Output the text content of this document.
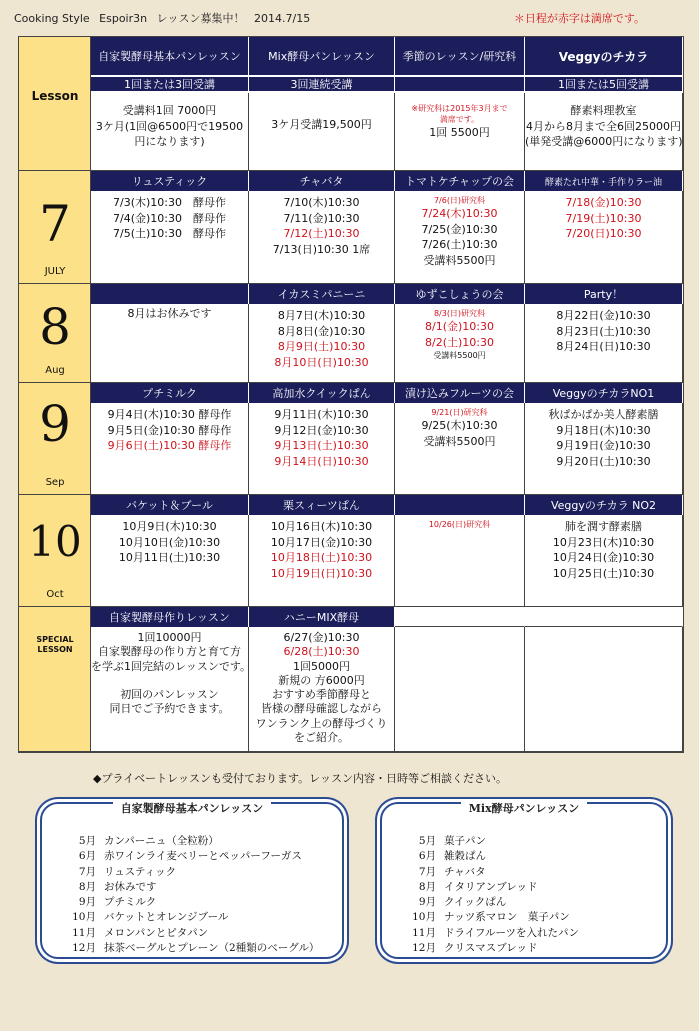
Cooking Style Espoir3n レッスン募集中！ 2014.7/15	＊日程が赤字は満席です。
Lesson
自家製酵母基本パンレッスン
1回または3回受講
受講料1回 7000円
3ケ月(1回@6500円で19500
円になります)
Mix酵母パンレッスン
3回連続受講
3ケ月受講19,500円
季節のレッスン/研究科
※研究科は2015年3月まで
満席です。
1回 5500円
Veggyのチカラ
1回または5回受講
酵素料理教室
4月から8月まで全6回25000円
(単発受講@6000円になります)
7
JULY
リュスティック
7/3(木)10:30　酵母作
7/4(金)10:30　酵母作
7/5(土)10:30　酵母作
チャバタ
7/10(木)10:30
7/11(金)10:30
7/12(土)10:30
7/13(日)10:30 1席
トマトケチャップの会
7/6(日)研究科
7/24(木)10:30
7/25(金)10:30
7/26(土)10:30
受講料5500円
酵素たれ中華・手作りラー油
7/18(金)10:30
7/19(土)10:30
7/20(日)10:30
8
Aug
8月はお休みです
イカスミパニーニ
8月7日(木)10:30
8月8日(金)10:30
8月9日(土)10:30
8月10日(日)10:30
ゆずこしょうの会
8/3(日)研究科
8/1(金)10:30
8/2(土)10:30
受講料5500円
Party！
8月22日(金)10:30
8月23日(土)10:30
8月24日(日)10:30
9
Sep
プチミルク
9月4日(木)10:30 酵母作
9月5日(金)10:30 酵母作
9月6日(土)10:30 酵母作
高加水クイックぱん
9月11日(木)10:30
9月12日(金)10:30
9月13日(土)10:30
9月14日(日)10:30
漬け込みフルーツの会
9/21(日)研究科
9/25(木)10:30
受講料5500円
VeggyのチカラNO1
秋ぱかぱか美人酵素膳
9月18日(木)10:30
9月19日(金)10:30
9月20日(土)10:30
10
Oct
バケット＆ブール
10月9日(木)10:30
10月10日(金)10:30
10月11日(土)10:30
栗スィーツぱん
10月16日(木)10:30
10月17日(金)10:30
10月18日(土)10:30
10月19日(日)10:30
10/26(日)研究科
Veggyのチカラ NO2
肺を潤す酵素膳
10月23日(木)10:30
10月24日(金)10:30
10月25日(土)10:30
SPECIAL
LESSON
自家製酵母作りレッスン
1回10000円
自家製酵母の作り方と育て方
を学ぶ1回完結のレッスンです。

初回のパンレッスン
同日でご予約できます。
ハニーMIX酵母
6/27(金)10:30
6/28(土)10:30
1回5000円
新規の 方6000円
おすすめ季節酵母と
皆様の酵母確認しながら
ワンランク上の酵母づくり
をご紹介。
◆プライベートレッスンも受付ております。レッスン内容・日時等ご相談ください。
自家製酵母基本パンレッスン
5月 カンパーニュ（全粒粉）
6月 赤ワインライ麦ベリーとペッパーフーガス
7月 リュスティック
8月 お休みです
9月 プチミルク
10月 バケットとオレンジブール
11月 メロンパンとピタパン
12月 抹茶ベーグルとプレーン（2種類のベーグル）
Mix酵母パンレッスン
5月 菓子パン
6月 雑穀ぱん
7月 チャバタ
8月 イタリアンブレッド
9月 クイックぱん
10月 ナッツ系マロン　菓子パン
11月 ドライフルーツを入れたパン
12月 クリスマスブレッド
